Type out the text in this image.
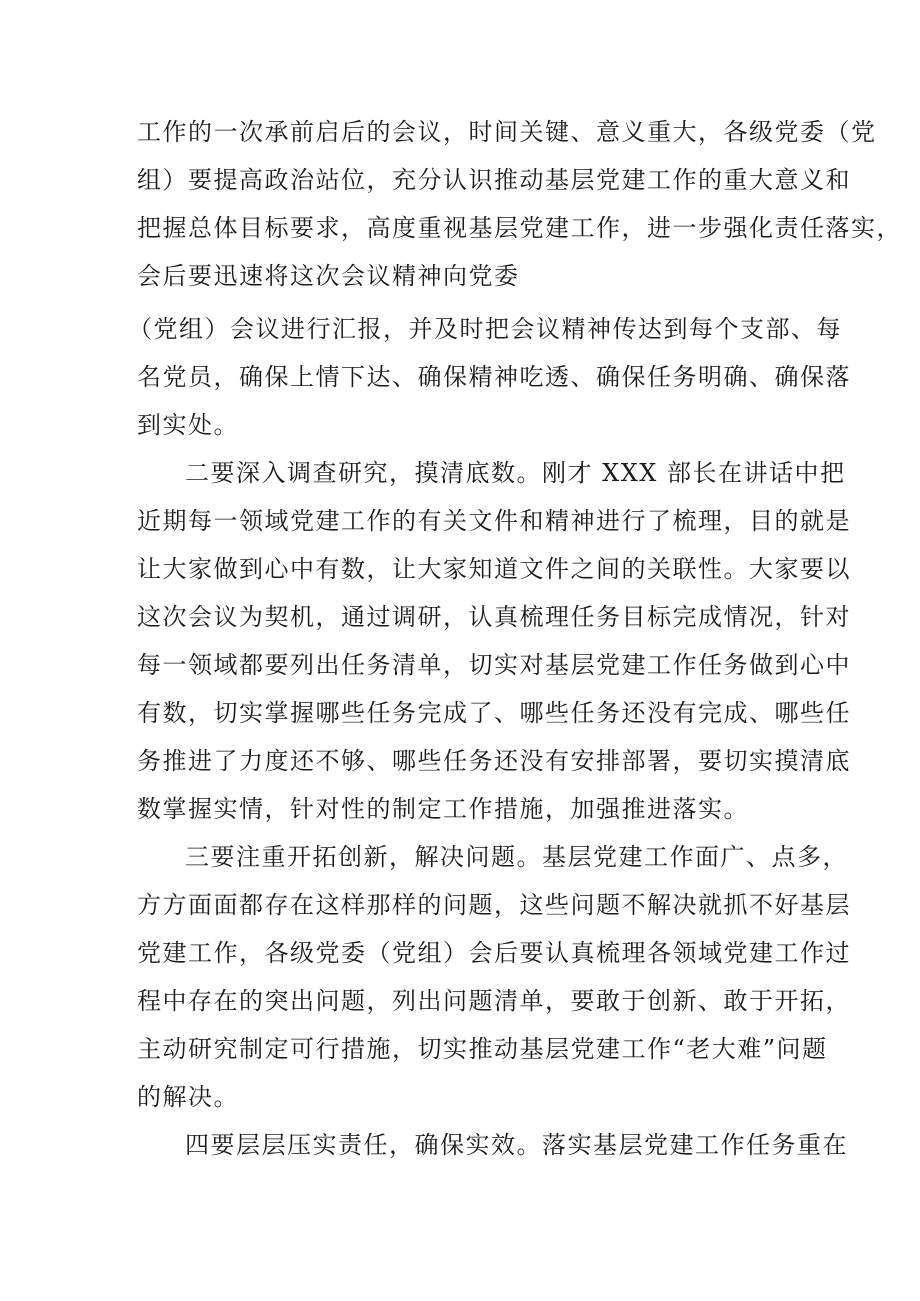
工作的一次承前启后的会议，时间关键、意义重大，各级党委（党
组）要提高政治站位，充分认识推动基层党建工作的重大意义和
把握总体目标要求，高度重视基层党建工作，进一步强化责任落实，
会后要迅速将这次会议精神向党委
（党组）会议进行汇报，并及时把会议精神传达到每个支部、每
名党员，确保上情下达、确保精神吃透、确保任务明确、确保落
到实处。
二要深入调查研究，摸清底数。刚才 XXX 部长在讲话中把
近期每一领域党建工作的有关文件和精神进行了梳理，目的就是
让大家做到心中有数，让大家知道文件之间的关联性。大家要以
这次会议为契机，通过调研，认真梳理任务目标完成情况，针对
每一领域都要列出任务清单，切实对基层党建工作任务做到心中
有数，切实掌握哪些任务完成了、哪些任务还没有完成、哪些任
务推进了力度还不够、哪些任务还没有安排部署，要切实摸清底
数掌握实情，针对性的制定工作措施，加强推进落实。
三要注重开拓创新，解决问题。基层党建工作面广、点多，
方方面面都存在这样那样的问题，这些问题不解决就抓不好基层
党建工作，各级党委（党组）会后要认真梳理各领域党建工作过
程中存在的突出问题，列出问题清单，要敢于创新、敢于开拓，
主动研究制定可行措施，切实推动基层党建工作“老大难”问题
的解决。
四要层层压实责任，确保实效。落实基层党建工作任务重在
